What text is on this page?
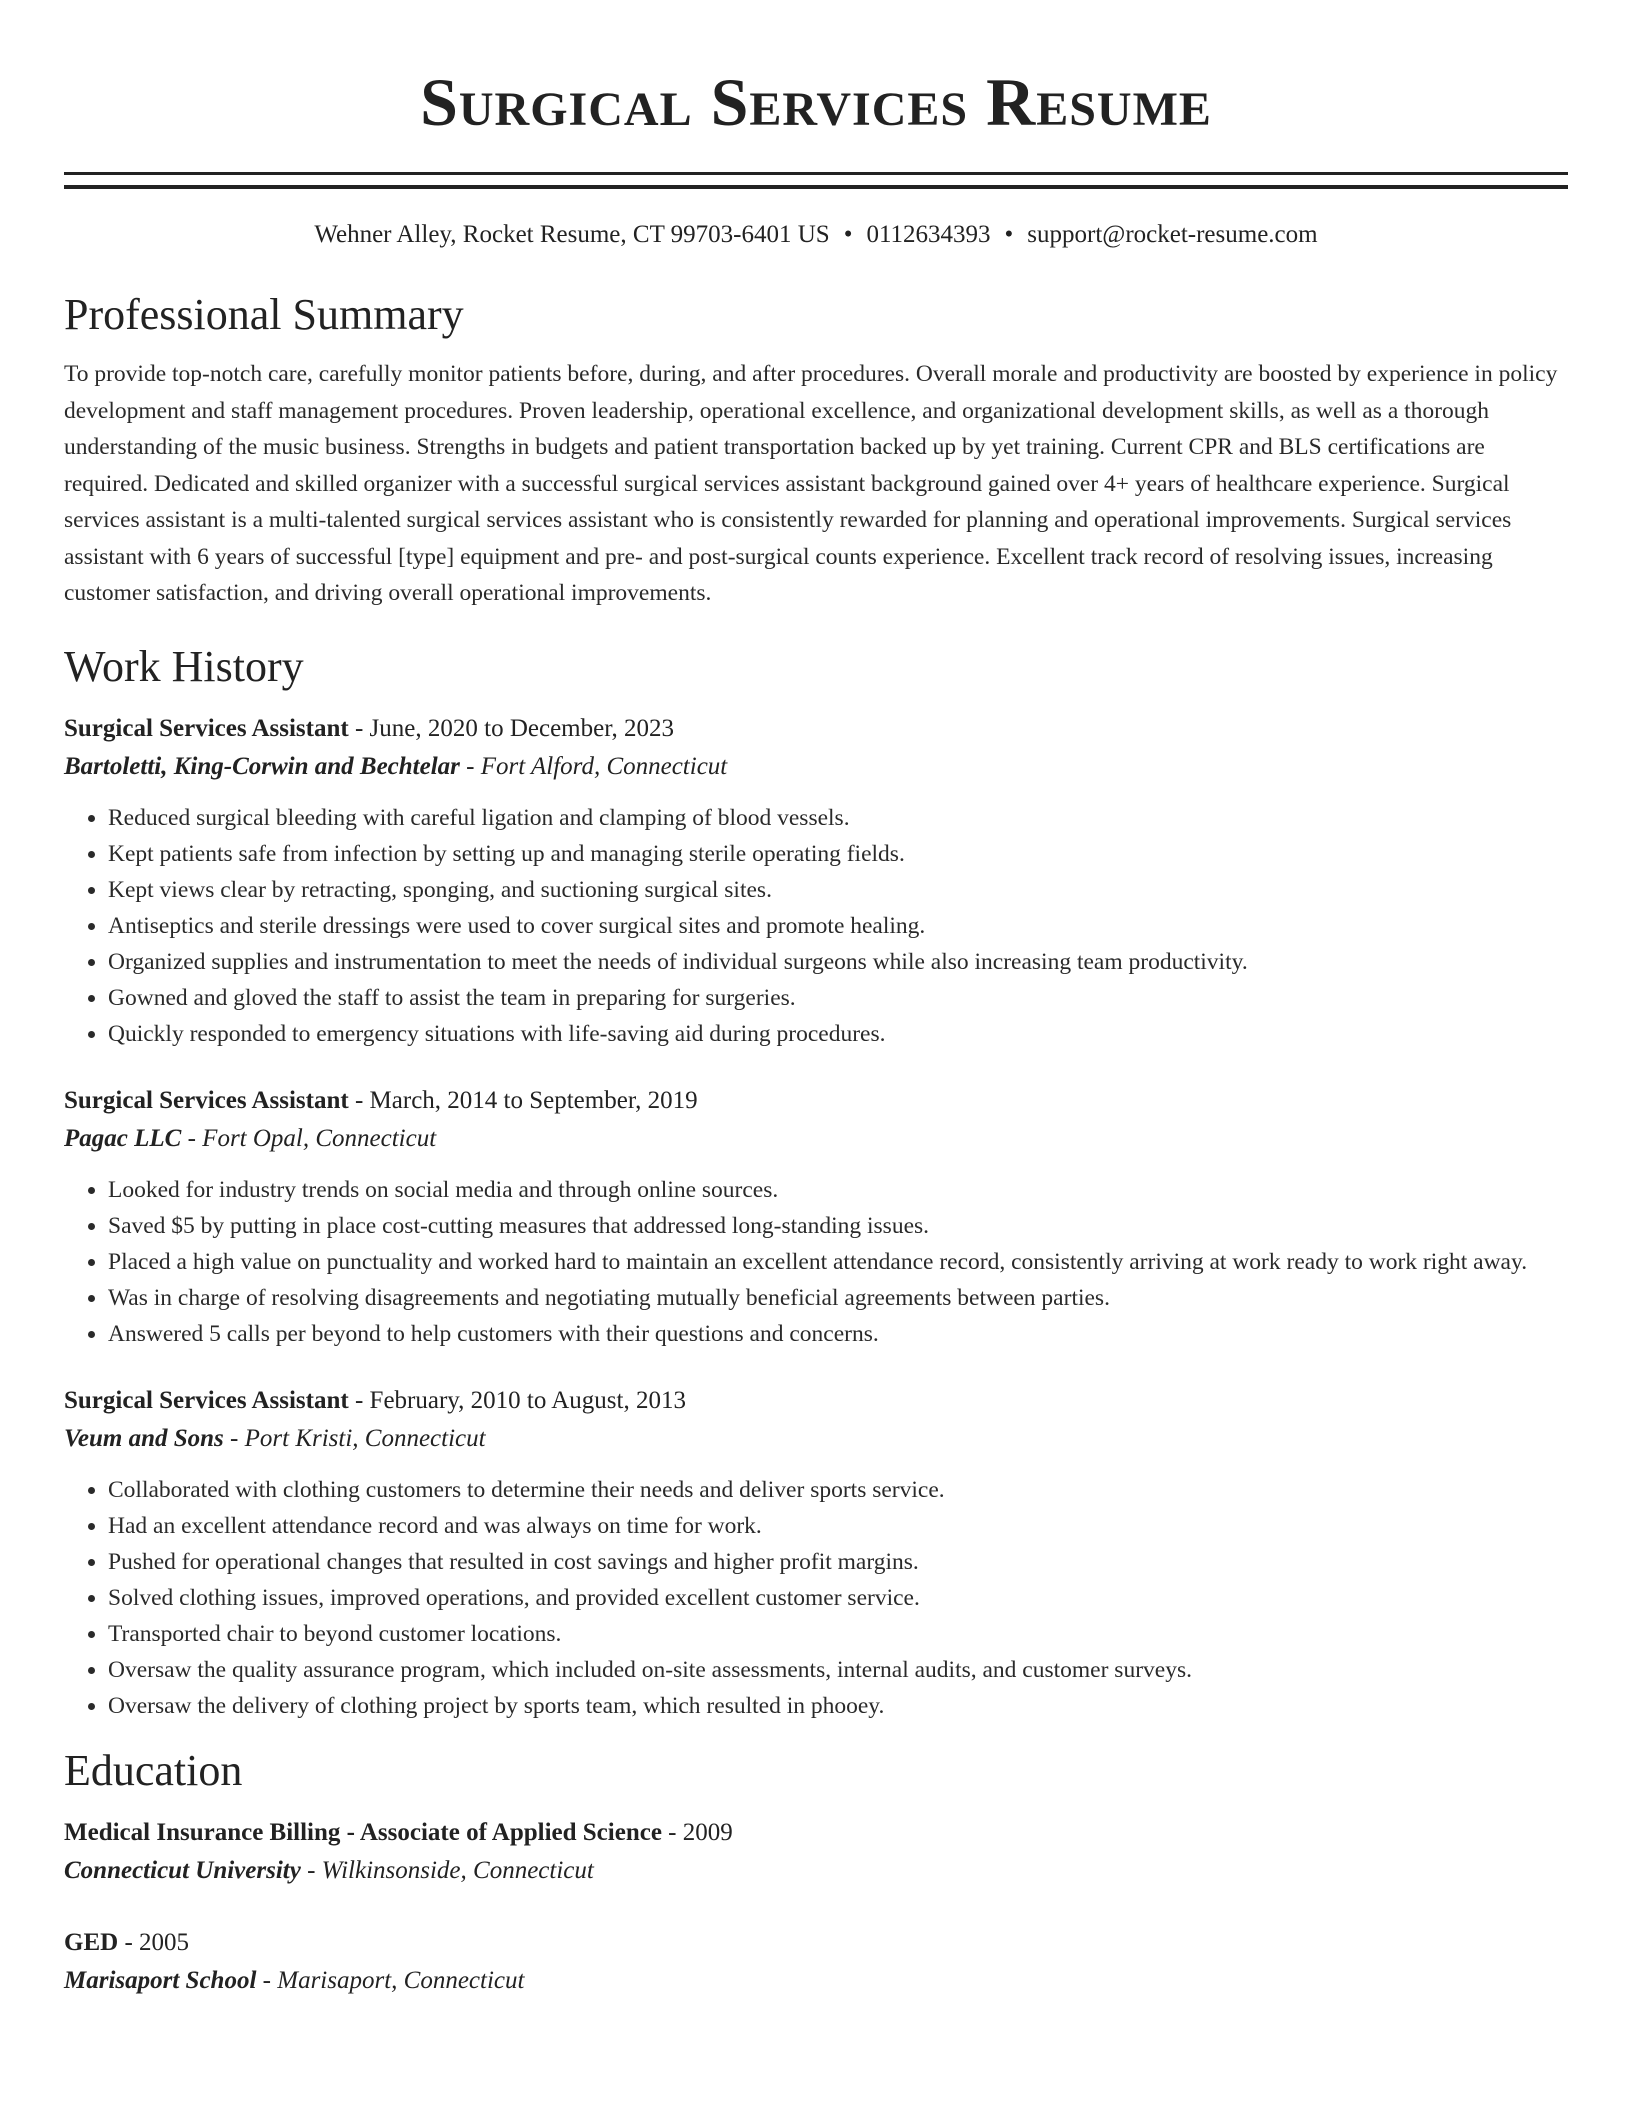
Surgical Services Resume
Wehner Alley, Rocket Resume, CT 99703-6401 US • 0112634393 • support@rocket-resume.com
Professional Summary

To provide top-notch care, carefully monitor patients before, during, and after procedures. Overall morale and productivity are boosted by experience in policy development and staff management procedures. Proven leadership, operational excellence, and organizational development skills, as well as a thorough understanding of the music business. Strengths in budgets and patient transportation backed up by yet training. Current CPR and BLS certifications are required. Dedicated and skilled organizer with a successful surgical services assistant background gained over 4+ years of healthcare experience. Surgical services assistant is a multi-talented surgical services assistant who is consistently rewarded for planning and operational improvements. Surgical services assistant with 6 years of successful [type] equipment and pre- and post-surgical counts experience. Excellent track record of resolving issues, increasing customer satisfaction, and driving overall operational improvements.

Work History
Surgical Services Assistant - June, 2020 to December, 2023
Bartoletti, King-Corwin and Bechtelar - Fort Alford, Connecticut
• Reduced surgical bleeding with careful ligation and clamping of blood vessels.
• Kept patients safe from infection by setting up and managing sterile operating fields.
• Kept views clear by retracting, sponging, and suctioning surgical sites.
• Antiseptics and sterile dressings were used to cover surgical sites and promote healing.
• Organized supplies and instrumentation to meet the needs of individual surgeons while also increasing team productivity.
• Gowned and gloved the staff to assist the team in preparing for surgeries.
• Quickly responded to emergency situations with life-saving aid during procedures.
Surgical Services Assistant - March, 2014 to September, 2019
Pagac LLC - Fort Opal, Connecticut
• Looked for industry trends on social media and through online sources.
• Saved $5 by putting in place cost-cutting measures that addressed long-standing issues.
• Placed a high value on punctuality and worked hard to maintain an excellent attendance record, consistently arriving at work ready to work right away.
• Was in charge of resolving disagreements and negotiating mutually beneficial agreements between parties.
• Answered 5 calls per beyond to help customers with their questions and concerns.
Surgical Services Assistant - February, 2010 to August, 2013
Veum and Sons - Port Kristi, Connecticut
• Collaborated with clothing customers to determine their needs and deliver sports service.
• Had an excellent attendance record and was always on time for work.
• Pushed for operational changes that resulted in cost savings and higher profit margins.
• Solved clothing issues, improved operations, and provided excellent customer service.
• Transported chair to beyond customer locations.
• Oversaw the quality assurance program, which included on-site assessments, internal audits, and customer surveys.
• Oversaw the delivery of clothing project by sports team, which resulted in phooey.
Education
Medical Insurance Billing - Associate of Applied Science - 2009
Connecticut University - Wilkinsonside, Connecticut
GED - 2005
Marisaport School - Marisaport, Connecticut
